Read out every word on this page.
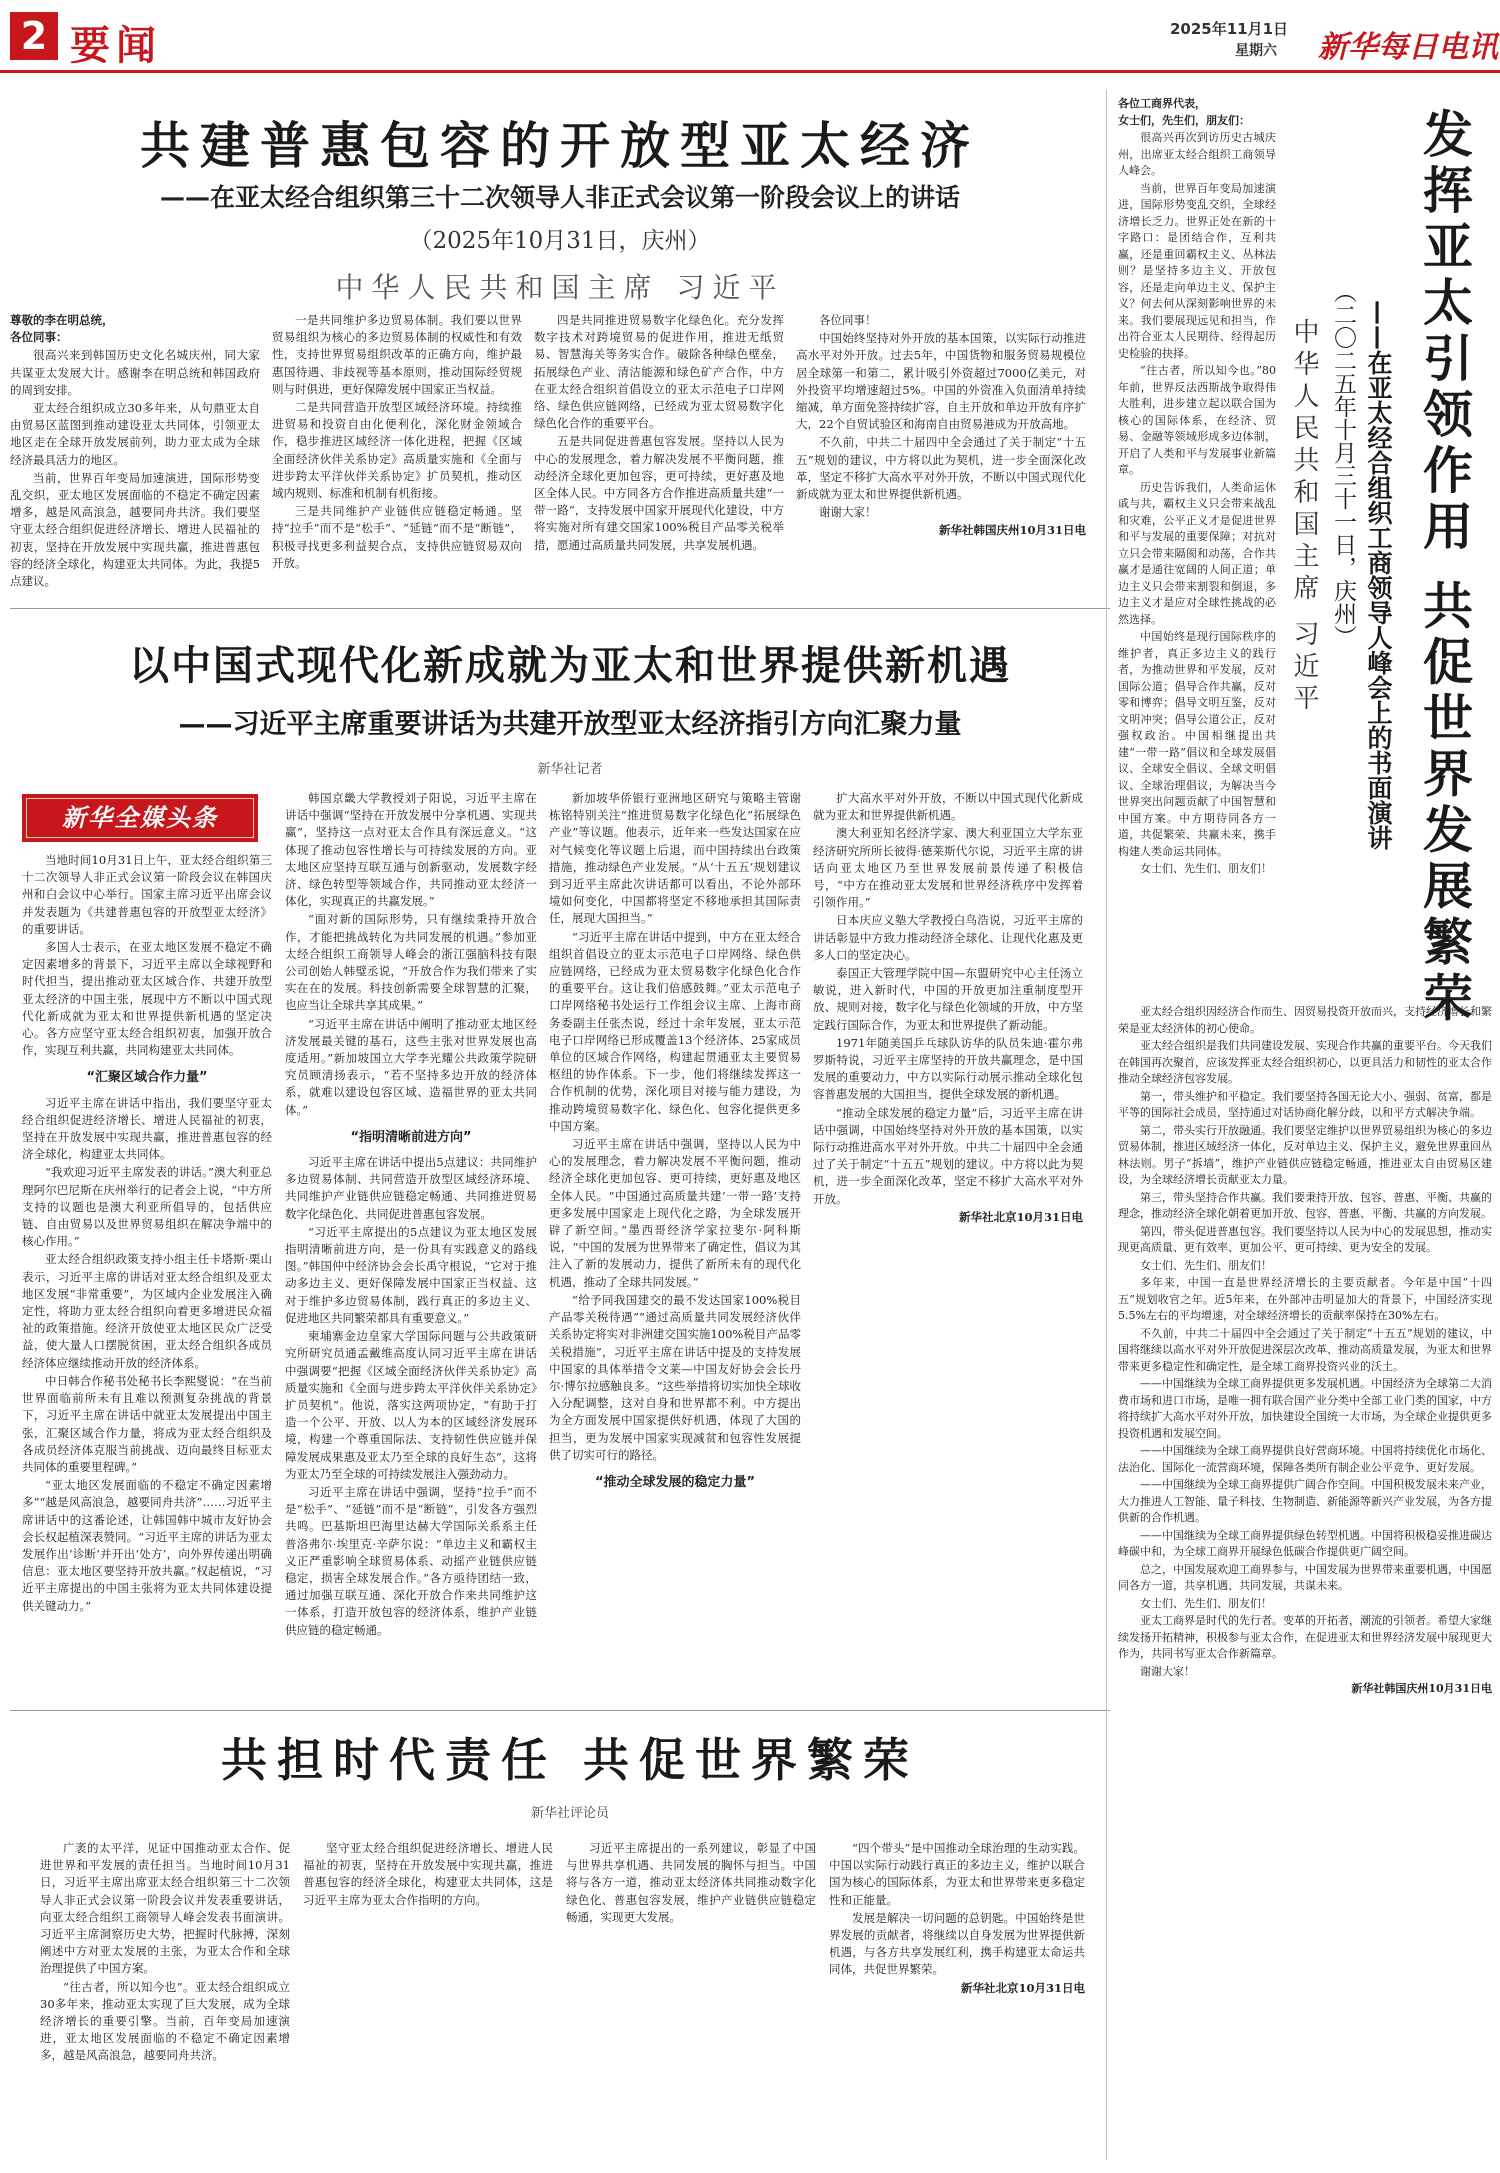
2 要闻	2025年11月1日
星期六 新华每日电讯
共建普惠包容的开放型亚太经济
——在亚太经合组织第三十二次领导人非正式会议第一阶段会议上的讲话
（2025年10月31日，庆州）
中华人民共和国主席 习近平

尊敬的李在明总统，
各位同事：

很高兴来到韩国历史文化名城庆州，同大家共谋亚太发展大计。感谢李在明总统和韩国政府的周到安排。

亚太经合组织成立30多年来，从句鼎亚太自由贸易区蓝图到推动建设亚太共同体，引领亚太地区走在全球开放发展前列，助力亚太成为全球经济最具活力的地区。

当前，世界百年变局加速演进，国际形势变乱交织，亚太地区发展面临的不稳定不确定因素增多，越是风高浪急，越要同舟共济。我们要坚守亚太经合组织促进经济增长、增进人民福祉的初衷，坚持在开放发展中实现共赢，推进普惠包容的经济全球化，构建亚太共同体。为此，我提5点建议。

一是共同维护多边贸易体制。我们要以世界贸易组织为核心的多边贸易体制的权威性和有效性，支持世界贸易组织改革的正确方向，维护最惠国待遇、非歧视等基本原则，推动国际经贸规则与时俱进，更好保障发展中国家正当权益。

二是共同营造开放型区域经济环境。持续推进贸易和投资自由化便利化，深化财金领域合作，稳步推进区域经济一体化进程，把握《区域全面经济伙伴关系协定》高质量实施和《全面与进步跨太平洋伙伴关系协定》扩员契机，推动区域内规则、标准和机制有机衔接。

三是共同维护产业链供应链稳定畅通。坚持“拉手”而不是“松手”、“延链”而不是“断链”，积极寻找更多利益契合点，支持供应链贸易双向开放。

四是共同推进贸易数字化绿色化。充分发挥数字技术对跨境贸易的促进作用，推进无纸贸易、智慧海关等务实合作。破除各种绿色壁垒，拓展绿色产业、清洁能源和绿色矿产合作，中方在亚太经合组织首倡设立的亚太示范电子口岸网络、绿色供应链网络，已经成为亚太贸易数字化绿色化合作的重要平台。

五是共同促进普惠包容发展。坚持以人民为中心的发展理念，着力解决发展不平衡问题，推动经济全球化更加包容，更可持续，更好惠及地区全体人民。中方同各方合作推进高质量共建“一带一路”，支持发展中国家开展现代化建设，中方将实施对所有建交国家100%税目产品零关税举措，愿通过高质量共同发展，共享发展机遇。

各位同事！

中国始终坚持对外开放的基本国策，以实际行动推进高水平对外开放。过去5年，中国货物和服务贸易规模位居全球第一和第二，累计吸引外资超过7000亿美元，对外投资平均增速超过5%。中国的外资准入负面清单持续缩减，单方面免签持续扩容，自主开放和单边开放有序扩大，22个自贸试验区和海南自由贸易港成为开放高地。

不久前，中共二十届四中全会通过了关于制定“十五五”规划的建议，中方将以此为契机，进一步全面深化改革，坚定不移扩大高水平对外开放，不断以中国式现代化新成就为亚太和世界提供新机遇。

谢谢大家！

新华社韩国庆州10月31日电

以中国式现代化新成就为亚太和世界提供新机遇
——习近平主席重要讲话为共建开放型亚太经济指引方向汇聚力量
新华社记者
新华全媒头条

当地时间10月31日上午，亚太经合组织第三十二次领导人非正式会议第一阶段会议在韩国庆州和白会议中心举行。国家主席习近平出席会议并发表题为《共建普惠包容的开放型亚太经济》的重要讲话。

多国人士表示，在亚太地区发展不稳定不确定因素增多的背景下，习近平主席以全球视野和时代担当，提出推动亚太区域合作、共建开放型亚太经济的中国主张，展现中方不断以中国式现代化新成就为亚太和世界提供新机遇的坚定决心。各方应坚守亚太经合组织初衷，加强开放合作，实现互利共赢，共同构建亚太共同体。

“汇聚区域合作力量”

习近平主席在讲话中指出，我们要坚守亚太经合组织促进经济增长、增进人民福祉的初衷，坚持在开放发展中实现共赢，推进普惠包容的经济全球化，构建亚太共同体。

“我欢迎习近平主席发表的讲话。”澳大利亚总理阿尔巴尼斯在庆州举行的记者会上说，“中方所支持的议题也是澳大利亚所倡导的，包括供应链、自由贸易以及世界贸易组织在解决争端中的核心作用。”

亚太经合组织政策支持小组主任卡塔斯·栗山表示，习近平主席的讲话对亚太经合组织及亚太地区发展“非常重要”，为区域内企业发展注入确定性，将助力亚太经合组织向着更多增进民众福祉的政策措施。经济开放使亚太地区民众广泛受益，使大量人口摆脱贫困，亚太经合组织各成员经济体应继续推动开放的经济体系。

中日韩合作秘书处秘书长李熙燮说：“在当前世界面临前所未有且难以预测复杂挑战的背景下，习近平主席在讲话中就亚太发展提出中国主张，汇聚区域合作力量，将成为亚太经合组织及各成员经济体克服当前挑战、迈向最终目标亚太共同体的重要里程碑。”

“亚太地区发展面临的不稳定不确定因素增多”“越是风高浪急，越要同舟共济”……习近平主席讲话中的这番论述，让韩国韩中城市友好协会会长权起植深表赞同。“习近平主席的讲话为亚太发展作出‘诊断’并开出‘处方’，向外界传递出明确信息：亚太地区要坚持开放共赢。”权起植说，“习近平主席提出的中国主张将为亚太共同体建设提供关键动力。”

韩国京畿大学教授刘子阳说，习近平主席在讲话中强调“坚持在开放发展中分享机遇、实现共赢”，坚持这一点对亚太合作具有深远意义。“这体现了推动包容性增长与可持续发展的方向。亚太地区应坚持互联互通与创新驱动，发展数字经济、绿色转型等领域合作，共同推动亚太经济一体化，实现真正的共赢发展。”

“面对新的国际形势，只有继续秉持开放合作，才能把挑战转化为共同发展的机遇。”参加亚太经合组织工商领导人峰会的浙江强脑科技有限公司创始人韩璧丞说，“开放合作为我们带来了实实在在的发展。科技创新需要全球智慧的汇聚，也应当让全球共享其成果。”

“习近平主席在讲话中阐明了推动亚太地区经济发展最关键的基石，这些主张对世界发展也高度适用。”新加坡国立大学李光耀公共政策学院研究员顾清扬表示，“若不坚持多边开放的经济体系，就难以建设包容区域、造福世界的亚太共同体。”

“指明清晰前进方向”

习近平主席在讲话中提出5点建议：共同维护多边贸易体制、共同营造开放型区域经济环境、共同维护产业链供应链稳定畅通、共同推进贸易数字化绿色化、共同促进普惠包容发展。

“习近平主席提出的5点建议为亚太地区发展指明清晰前进方向，是一份具有实践意义的路线图。”韩国仲中经济协会会长禹守根说，“它对于推动多边主义、更好保障发展中国家正当权益、这对于维护多边贸易体制，践行真正的多边主义、促进地区共同繁荣都具有重要意义。”

柬埔寨金边皇家大学国际问题与公共政策研究所研究员通孟戴维高度认同习近平主席在讲话中强调要“把握《区域全面经济伙伴关系协定》高质量实施和《全面与进步跨太平洋伙伴关系协定》扩员契机”。他说，落实这两项协定，“有助于打造一个公平、开放、以人为本的区域经济发展环境，构建一个尊重国际法、支持韧性供应链并保障发展成果惠及亚太乃至全球的良好生态”，这将为亚太乃至全球的可持续发展注入强劲动力。

习近平主席在讲话中强调，坚持“拉手”而不是“松手”、“延链”而不是“断链”，引发各方强烈共鸣。巴基斯坦巴海里达赫大学国际关系系主任普洛弗尔·埃里克·辛萨尔说：“单边主义和霸权主义正严重影响全球贸易体系、动摇产业链供应链稳定，损害全球发展合作。”各方亟待团结一致，通过加强互联互通、深化开放合作来共同维护这一体系，打造开放包容的经济体系，维护产业链供应链的稳定畅通。

新加坡华侨银行亚洲地区研究与策略主管谢栋铭特别关注“推进贸易数字化绿色化”拓展绿色产业”等议题。他表示，近年来一些发达国家在应对气候变化等议题上后退，而中国持续出台政策措施，推动绿色产业发展。“从‘十五五’规划建议到习近平主席此次讲话都可以看出，不论外部环境如何变化，中国都将坚定不移地承担其国际责任，展现大国担当。”

“习近平主席在讲话中提到，中方在亚太经合组织首倡设立的亚太示范电子口岸网络、绿色供应链网络，已经成为亚太贸易数字化绿色化合作的重要平台。这让我们倍感鼓舞。”亚太示范电子口岸网络秘书处运行工作组会议主席、上海市商务委副主任张杰说，经过十余年发展，亚太示范电子口岸网络已形成覆盖13个经济体、25家成员单位的区域合作网络，构建起贯通亚太主要贸易枢纽的协作体系。下一步，他们将继续发挥这一合作机制的优势，深化项目对接与能力建设，为推动跨境贸易数字化、绿色化、包容化提供更多中国方案。

习近平主席在讲话中强调，坚持以人民为中心的发展理念，着力解决发展不平衡问题，推动经济全球化更加包容、更可持续，更好惠及地区全体人民。“中国通过高质量共建‘一带一路’支持更多发展中国家走上现代化之路，为全球发展开辟了新空间。”墨西哥经济学家拉斐尔·阿科斯说，“中国的发展为世界带来了确定性，倡议为其注入了新的发展动力，提供了新所未有的现代化机遇，推动了全球共同发展。”

“给予同我国建交的最不发达国家100%税目产品零关税待遇”“通过高质量共同发展经济伙伴关系协定将实对非洲建交国实施100%税目产品零关税措施”，习近平主席在讲话中提及的支持发展中国家的具体举措令文莱—中国友好协会会长丹尔·博尔拉感触良多。“这些举措将切实加快全球收入分配调整，这对自身和世界都不利。中方提出为全方面发展中国家提供好机遇，体现了大国的担当，更为发展中国家实现减贫和包容性发展提供了切实可行的路径。

“推动全球发展的稳定力量”

扩大高水平对外开放，不断以中国式现代化新成就为亚太和世界提供新机遇。

澳大利亚知名经济学家、澳大利亚国立大学东亚经济研究所所长彼得·德莱斯代尔说，习近平主席的讲话向亚太地区乃至世界发展前景传递了积极信号，“中方在推动亚太发展和世界经济秩序中发挥着引领作用。”

日本庆应义塾大学教授白鸟浩说，习近平主席的讲话彰显中方致力推动经济全球化、让现代化惠及更多人口的坚定决心。

泰国正大管理学院中国—东盟研究中心主任汤立敏说，进入新时代，中国的开放更加注重制度型开放、规则对接，数字化与绿色化领域的开放，中方坚定践行国际合作，为亚太和世界提供了新动能。

1971年随美国乒乓球队访华的队员朱迪·霍尔弗罗斯特说，习近平主席坚持的开放共赢理念，是中国发展的重要动力，中方以实际行动展示推动全球化包容普惠发展的大国担当，提供全球发展的新机遇。

“推动全球发展的稳定力量”后，习近平主席在讲话中强调，中国始终坚持对外开放的基本国策，以实际行动推进高水平对外开放。中共二十届四中全会通过了关于制定“十五五”规划的建议。中方将以此为契机，进一步全面深化改革，坚定不移扩大高水平对外开放。

新华社北京10月31日电

共担时代责任 共促世界繁荣
新华社评论员

广袤的太平洋，见证中国推动亚太合作、促进世界和平发展的责任担当。当地时间10月31日，习近平主席出席亚太经合组织第三十二次领导人非正式会议第一阶段会议并发表重要讲话，向亚太经合组织工商领导人峰会发表书面演讲。习近平主席洞察历史大势，把握时代脉搏，深刻阐述中方对亚太发展的主张，为亚太合作和全球治理提供了中国方案。

“往古者，所以知今也”。亚太经合组织成立30多年来，推动亚太实现了巨大发展，成为全球经济增长的重要引擎。当前，百年变局加速演进，亚太地区发展面临的不稳定不确定因素增多，越是风高浪急，越要同舟共济。

坚守亚太经合组织促进经济增长、增进人民福祉的初衷，坚持在开放发展中实现共赢，推进普惠包容的经济全球化，构建亚太共同体，这是习近平主席为亚太合作指明的方向。

习近平主席提出的一系列建议，彰显了中国与世界共享机遇、共同发展的胸怀与担当。中国将与各方一道，推动亚太经济体共同推动数字化绿色化、普惠包容发展，维护产业链供应链稳定畅通，实现更大发展。

“四个带头”是中国推动全球治理的生动实践。中国以实际行动践行真正的多边主义，维护以联合国为核心的国际体系，为亚太和世界带来更多稳定性和正能量。

发展是解决一切问题的总钥匙。中国始终是世界发展的贡献者，将继续以自身发展为世界提供新机遇，与各方共享发展红利，携手构建亚太命运共同体，共促世界繁荣。

新华社北京10月31日电

发挥亚太引领作用 共促世界发展繁荣
——在亚太经合组织工商领导人峰会上的书面演讲
（二〇二五年十月三十一日，庆州）
中华人民共和国主席 习近平

各位工商界代表，
女士们，先生们，朋友们：

很高兴再次到访历史古城庆州，出席亚太经合组织工商领导人峰会。

当前，世界百年变局加速演进，国际形势变乱交织，全球经济增长乏力。世界正处在新的十字路口：是团结合作，互利共赢，还是重回霸权主义、丛林法则？是坚持多边主义、开放包容，还是走向单边主义、保护主义？何去何从深刻影响世界的未来。我们要展现远见和担当，作出符合亚太人民期待、经得起历史检验的抉择。

“往古者，所以知今也。”80年前，世界反法西斯战争取得伟大胜利，进步建立起以联合国为核心的国际体系，在经济、贸易、金融等领域形成多边体制，开启了人类和平与发展事业新篇章。

历史告诉我们，人类命运休戚与共，霸权主义只会带来战乱和灾难，公平正义才是促进世界和平与发展的重要保障；对抗对立只会带来隔阂和动荡，合作共赢才是通往宽阔的人间正道；单边主义只会带来割裂和倒退，多边主义才是应对全球性挑战的必然选择。

中国始终是现行国际秩序的维护者，真正多边主义的践行者，为推动世界和平发展，反对国际公道；倡导合作共赢，反对零和博弈；倡导文明互鉴，反对文明冲突；倡导公道公正，反对强权政治。中国相继提出共建“一带一路”倡议和全球发展倡议、全球安全倡议、全球文明倡议、全球治理倡议，为解决当今世界突出问题贡献了中国智慧和中国方案。中方期待同各方一道，共促繁荣、共赢未来，携手构建人类命运共同体。

女士们、先生们、朋友们！

亚太经合组织因经济合作而生、因贸易投资开放而兴，支持经济增长和繁荣是亚太经济体的初心使命。

亚太经合组织是我们共同建设发展、实现合作共赢的重要平台。今天我们在韩国再次聚首，应该发挥亚太经合组织初心，以更具活力和韧性的亚太合作推动全球经济包容发展。

第一，带头维护和平稳定。我们要坚持各国无论大小、强弱、贫富，都是平等的国际社会成员，坚持通过对话协商化解分歧，以和平方式解决争端。

第二，带头实行开放融通。我们要坚定维护以世界贸易组织为核心的多边贸易体制，推进区域经济一体化，反对单边主义、保护主义，避免世界重回丛林法则。男子“拆墙”，维护产业链供应链稳定畅通，推进亚太自由贸易区建设，为全球经济增长贡献亚太力量。

第三，带头坚持合作共赢。我们要秉持开放、包容、普惠、平衡、共赢的理念，推动经济全球化朝着更加开放、包容、普惠、平衡、共赢的方向发展。

第四，带头促进普惠包容。我们要坚持以人民为中心的发展思想，推动实现更高质量、更有效率、更加公平、更可持续、更为安全的发展。

女士们、先生们、朋友们！

多年来，中国一直是世界经济增长的主要贡献者。今年是中国“十四五”规划收官之年。近5年来，在外部冲击明显加大的背景下，中国经济实现5.5%左右的平均增速，对全球经济增长的贡献率保持在30%左右。

不久前，中共二十届四中全会通过了关于制定“十五五”规划的建议，中国将继续以高水平对外开放促进深层次改革、推动高质量发展，为亚太和世界带来更多稳定性和确定性，是全球工商界投资兴业的沃土。

——中国继续为全球工商界提供更多发展机遇。中国经济为全球第二大消费市场和进口市场，是唯一拥有联合国产业分类中全部工业门类的国家，中方将持续扩大高水平对外开放，加快建设全国统一大市场，为全球企业提供更多投资机遇和发展空间。

——中国继续为全球工商界提供良好营商环境。中国将持续优化市场化、法治化、国际化一流营商环境，保障各类所有制企业公平竞争、更好发展。

——中国继续为全球工商界提供广阔合作空间。中国积极发展未来产业，大力推进人工智能、量子科技、生物制造、新能源等新兴产业发展，为各方提供新的合作机遇。

——中国继续为全球工商界提供绿色转型机遇。中国将积极稳妥推进碳达峰碳中和，为全球工商界开展绿色低碳合作提供更广阔空间。

总之，中国发展欢迎工商界参与，中国发展为世界带来重要机遇，中国愿同各方一道，共享机遇、共同发展，共谋未来。

女士们、先生们、朋友们！

亚太工商界是时代的先行者。变革的开拓者，潮流的引领者。希望大家继续发扬开拓精神，积极参与亚太合作，在促进亚太和世界经济发展中展现更大作为，共同书写亚太合作新篇章。

谢谢大家！

新华社韩国庆州10月31日电
